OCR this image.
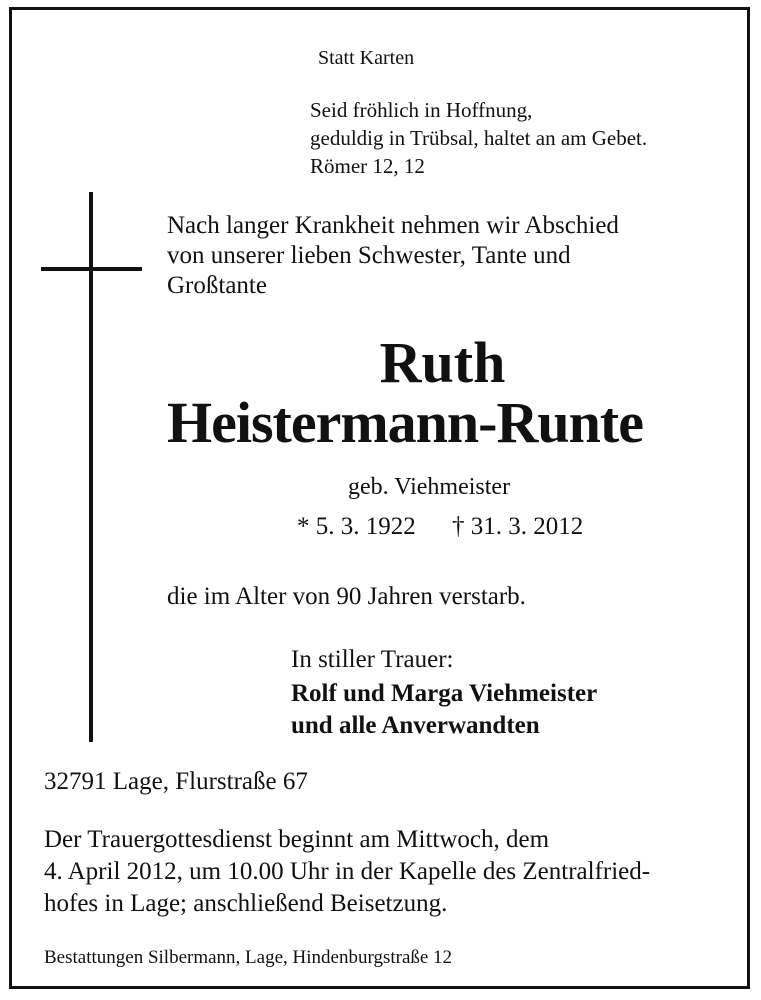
Statt Karten
Seid fröhlich in Hoffnung,
geduldig in Trübsal, haltet an am Gebet.
Römer 12, 12
Nach langer Krankheit nehmen wir Abschied
von unserer lieben Schwester, Tante und
Großtante
Ruth
Heistermann-Runte
geb. Viehmeister
* 5. 3. 1922 † 31. 3. 2012
die im Alter von 90 Jahren verstarb.
In stiller Trauer:
Rolf und Marga Viehmeister
und alle Anverwandten
32791 Lage, Flurstraße 67
Der Trauergottesdienst beginnt am Mittwoch, dem
4. April 2012, um 10.00 Uhr in der Kapelle des Zentralfried-
hofes in Lage; anschließend Beisetzung.
Bestattungen Silbermann, Lage, Hindenburgstraße 12
